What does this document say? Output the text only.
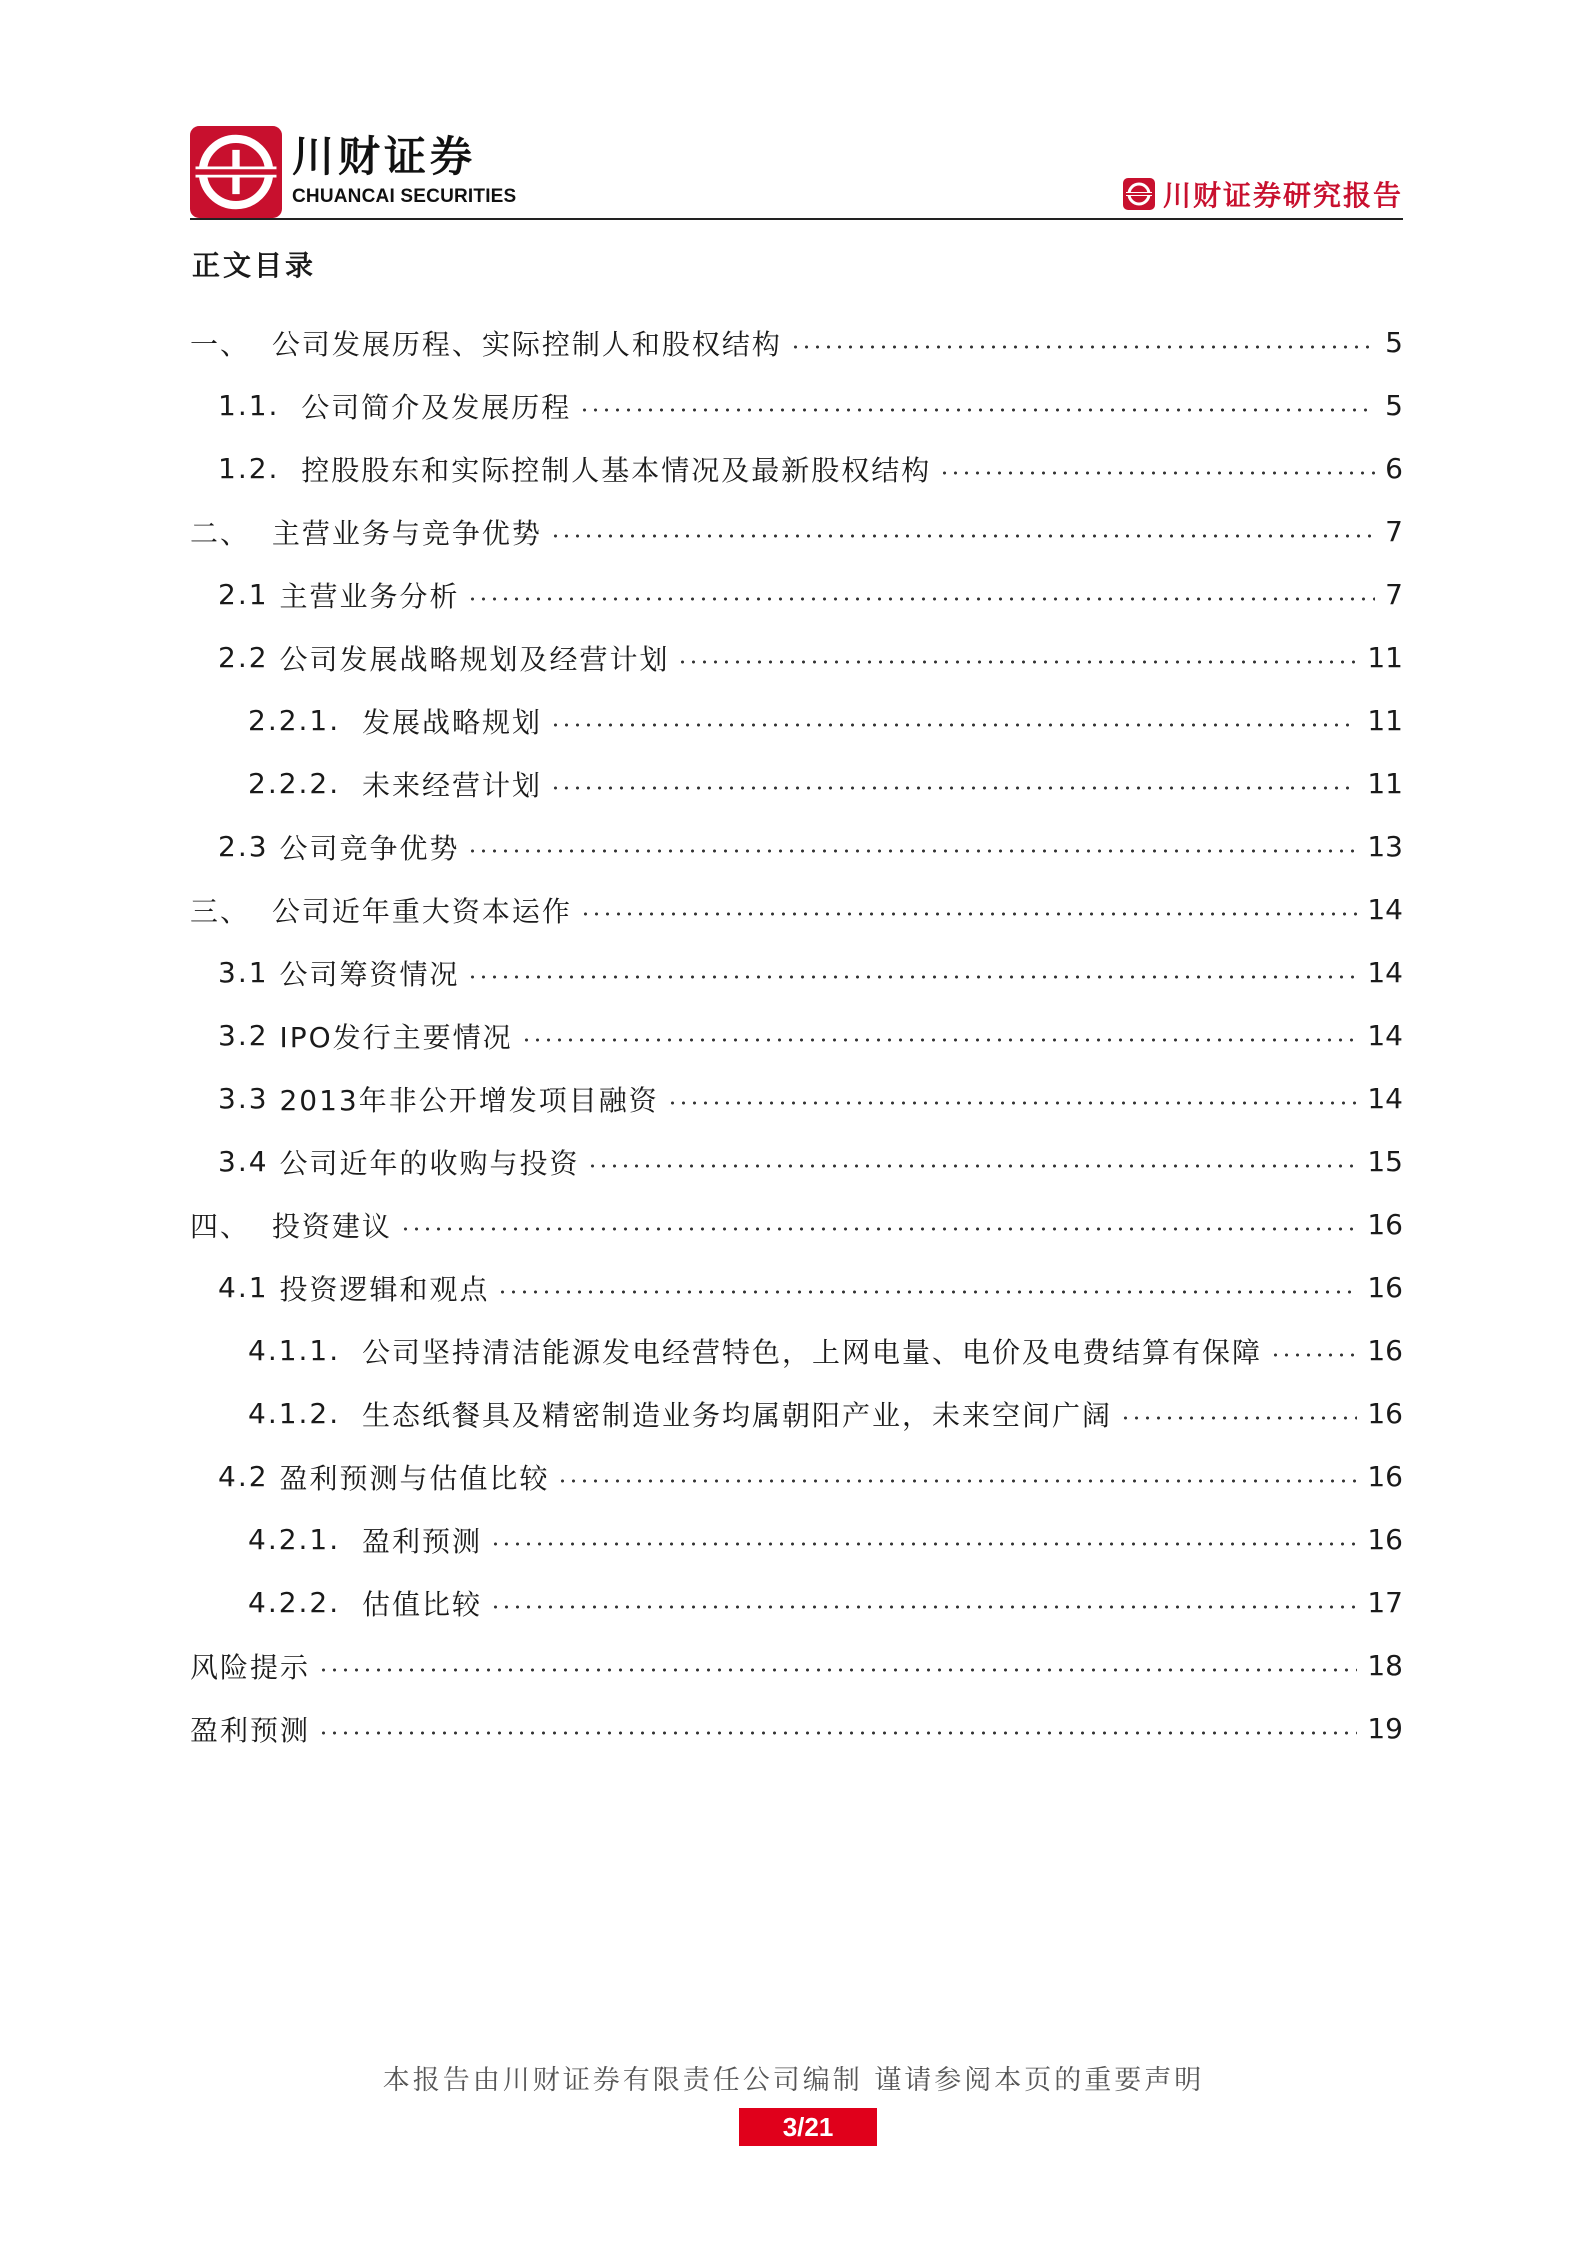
川财证券
CHUANCAI SECURITIES	川财证券研究报告
正文目录
一、 公司发展历程、实际控制人和股权结构	5
1.1. 公司简介及发展历程	5
1.2. 控股股东和实际控制人基本情况及最新股权结构	6
二、 主营业务与竞争优势	7
2.1 主营业务分析	7
2.2 公司发展战略规划及经营计划	11
2.2.1. 发展战略规划	11
2.2.2. 未来经营计划	11
2.3 公司竞争优势	13
三、 公司近年重大资本运作	14
3.1 公司筹资情况	14
3.2 IPO发行主要情况	14
3.3 2013年非公开增发项目融资	14
3.4 公司近年的收购与投资	15
四、 投资建议	16
4.1 投资逻辑和观点	16
4.1.1. 公司坚持清洁能源发电经营特色，上网电量、电价及电费结算有保障	16
4.1.2. 生态纸餐具及精密制造业务均属朝阳产业，未来空间广阔	16
4.2 盈利预测与估值比较	16
4.2.1. 盈利预测	16
4.2.2. 估值比较	17
风险提示	18
盈利预测	19
本报告由川财证券有限责任公司编制 谨请参阅本页的重要声明
3/21
